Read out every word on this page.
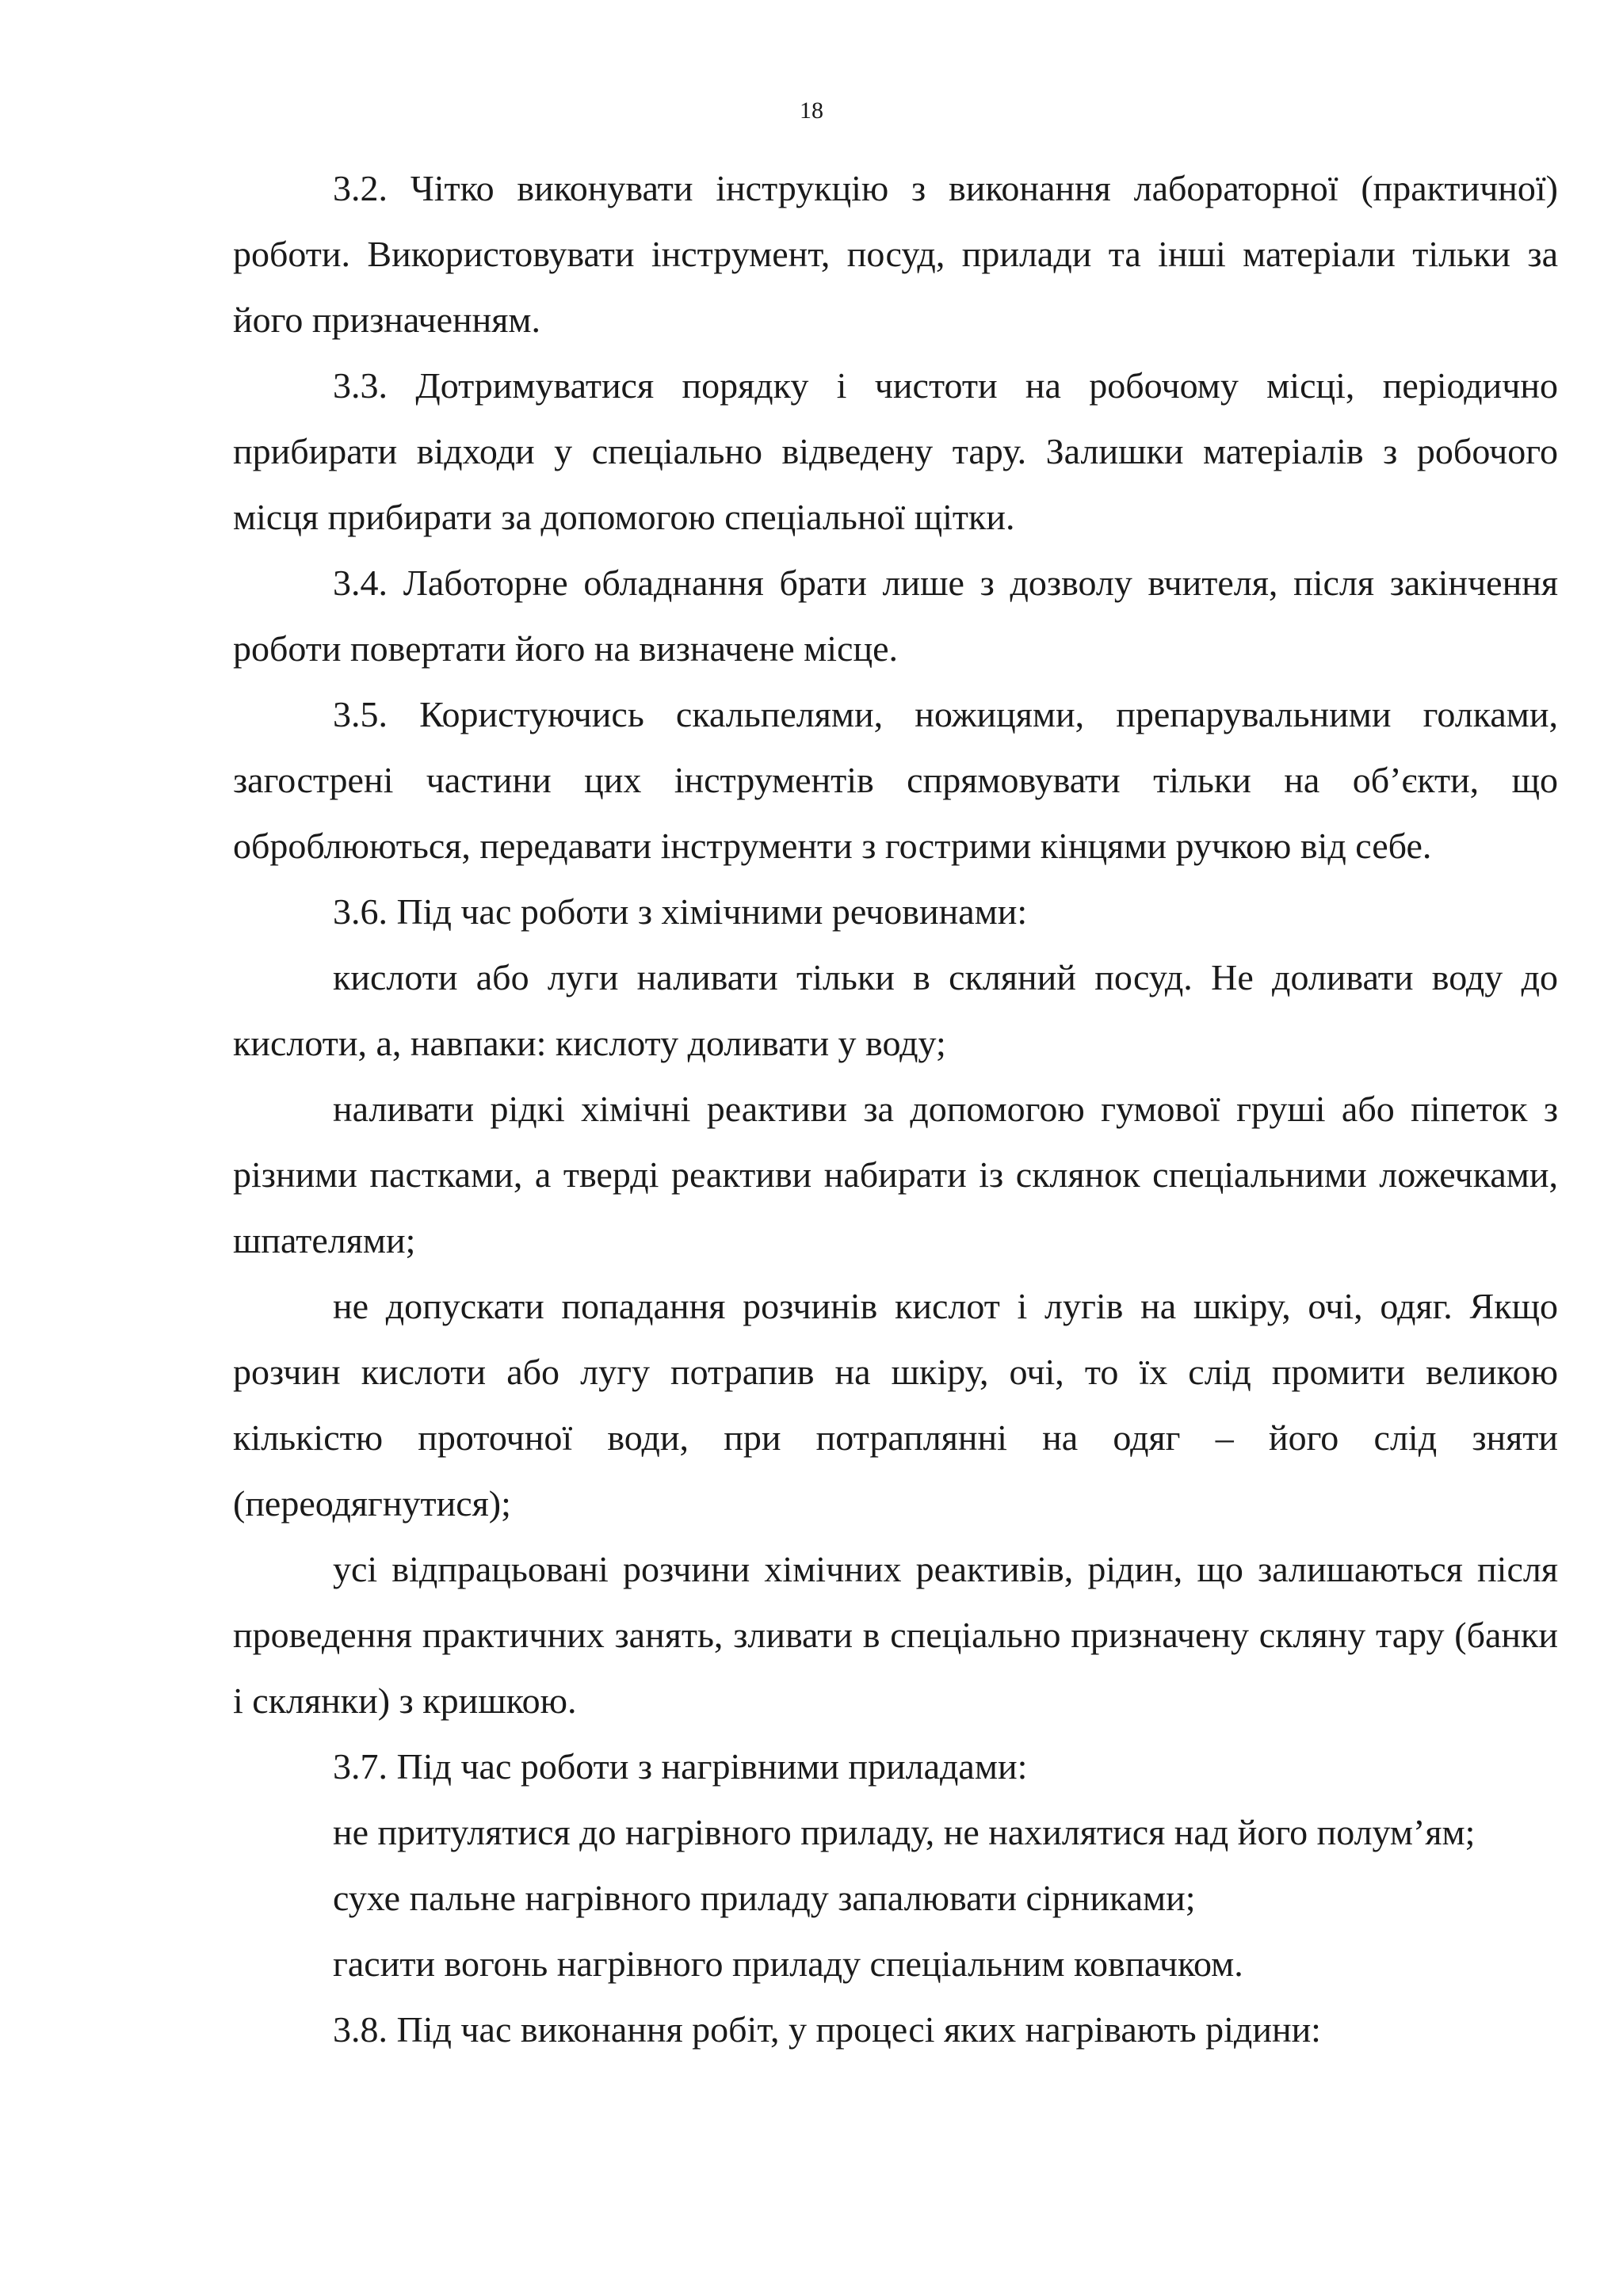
18

3.2. Чітко виконувати інструкцію з виконання лабораторної (практичної) роботи. Використовувати інструмент, посуд, прилади та інші матеріали тільки за його призначенням.

3.3. Дотримуватися порядку і чистоти на робочому місці, періодично прибирати відходи у спеціально відведену тару. Залишки матеріалів з робочого місця прибирати за допомогою спеціальної щітки.

3.4. Лаботорне обладнання брати лише з дозволу вчителя, після закінчення роботи повертати його на визначене місце.

3.5. Користуючись скальпелями, ножицями, препарувальними голками, загострені частини цих інструментів спрямовувати тільки на об’єкти, що оброблюються, передавати інструменти з гострими кінцями ручкою від себе.

3.6. Під час роботи з хімічними речовинами:

кислоти або луги наливати тільки в скляний посуд. Не доливати воду до кислоти, а, навпаки: кислоту доливати у воду;

наливати рідкі хімічні реактиви за допомогою гумової груші або піпеток з різними пастками, а тверді реактиви набирати із склянок спеціальними ложечками, шпателями;

не допускати попадання розчинів кислот і лугів на шкіру, очі, одяг. Якщо розчин кислоти або лугу потрапив на шкіру, очі, то їх слід промити великою кількістю проточної води, при потраплянні на одяг – його слід зняти (переодягнутися);

усі відпрацьовані розчини хімічних реактивів, рідин, що залишаються після проведення практичних занять, зливати в спеціально призначену скляну тару (банки і склянки) з кришкою.

3.7. Під час роботи з нагрівними приладами:

не притулятися до нагрівного приладу, не нахилятися над його полум’ям;

сухе пальне нагрівного приладу запалювати сірниками;

гасити вогонь нагрівного приладу спеціальним ковпачком.

3.8. Під час виконання робіт, у процесі яких нагрівають рідини:
